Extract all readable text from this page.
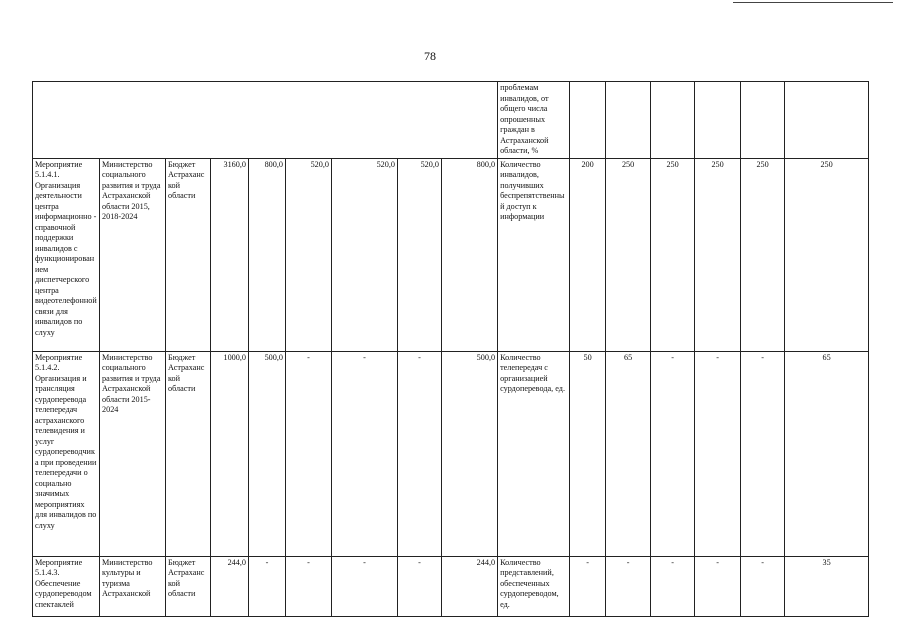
78
									проблемам инвалидов, от общего числа опрошенных граждан в Астраханской области, %						
Мероприятие 5.1.4.1. Организация деятельности центра информационно - справочной поддержки инвалидов с функционированием диспетчерского центра видеотелефонной связи для инвалидов по слуху	Министерство социального развития и труда Астраханской области 2015, 2018-2024	Бюджет Астраханской области	3160,0	800,0	520,0	520,0	520,0	800,0	Количество инвалидов, получивших беспрепятственный доступ к информации	200	250	250	250	250	250
Мероприятие 5.1.4.2. Организация и трансляция сурдоперевода телепередач астраханского телевидения и услуг сурдопереводчика при проведении телепередачи о социально значимых мероприятиях для инвалидов по слуху	Министерство социального развития и труда Астраханской области 2015-2024	Бюджет Астраханской области	1000,0	500,0	-	-	-	500,0	Количество телепередач с организацией сурдоперевода, ед.	50	65	-	-	-	65
Мероприятие 5.1.4.3. Обеспечение сурдопереводом спектаклей	Министерство культуры и туризма Астраханской	Бюджет Астраханской области	244,0	-	-	-	-	244,0	Количество представлений, обеспеченных сурдопереводом, ед.	-	-	-	-	-	35
